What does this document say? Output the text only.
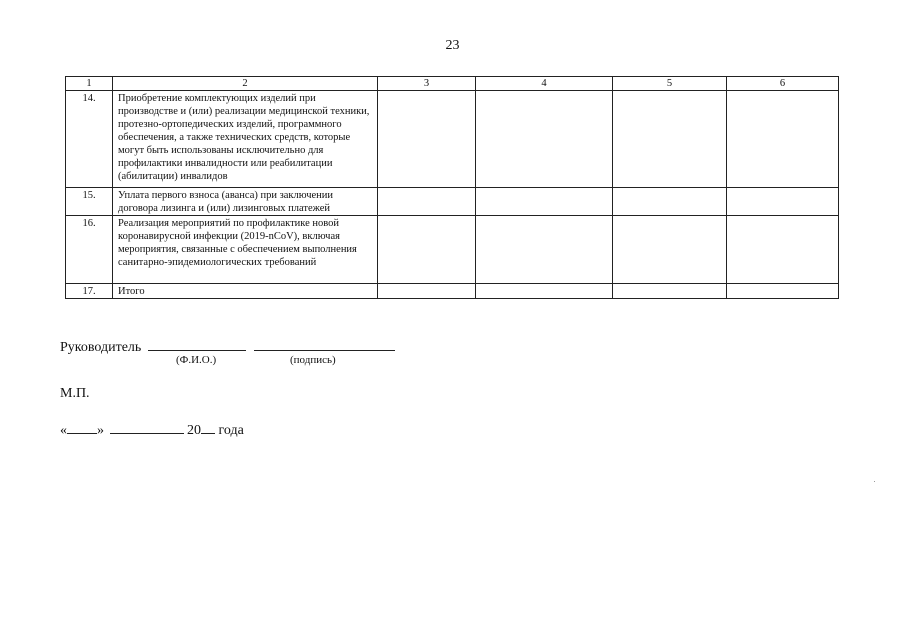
23
1	2	3	4	5	6
14.	Приобретение комплектующих изделий при производстве и (или) реализации медицинской техники, протезно-ортопедических изделий, программного обеспечения, а также технических средств, которые могут быть использованы исключительно для профилактики инвалидности или реабилитации (абилитации) инвалидов				
15.	Уплата первого взноса (аванса) при заключении договора лизинга и (или) лизинговых платежей				
16.	Реализация мероприятий по профилактике новой коронавирусной инфекции (2019-nCoV), включая мероприятия, связанные с обеспечением выполнения санитарно-эпидемиологических требований				
17.	Итого				
Руководитель
(Ф.И.О.)	(подпись)
М.П.
« »	20 года
